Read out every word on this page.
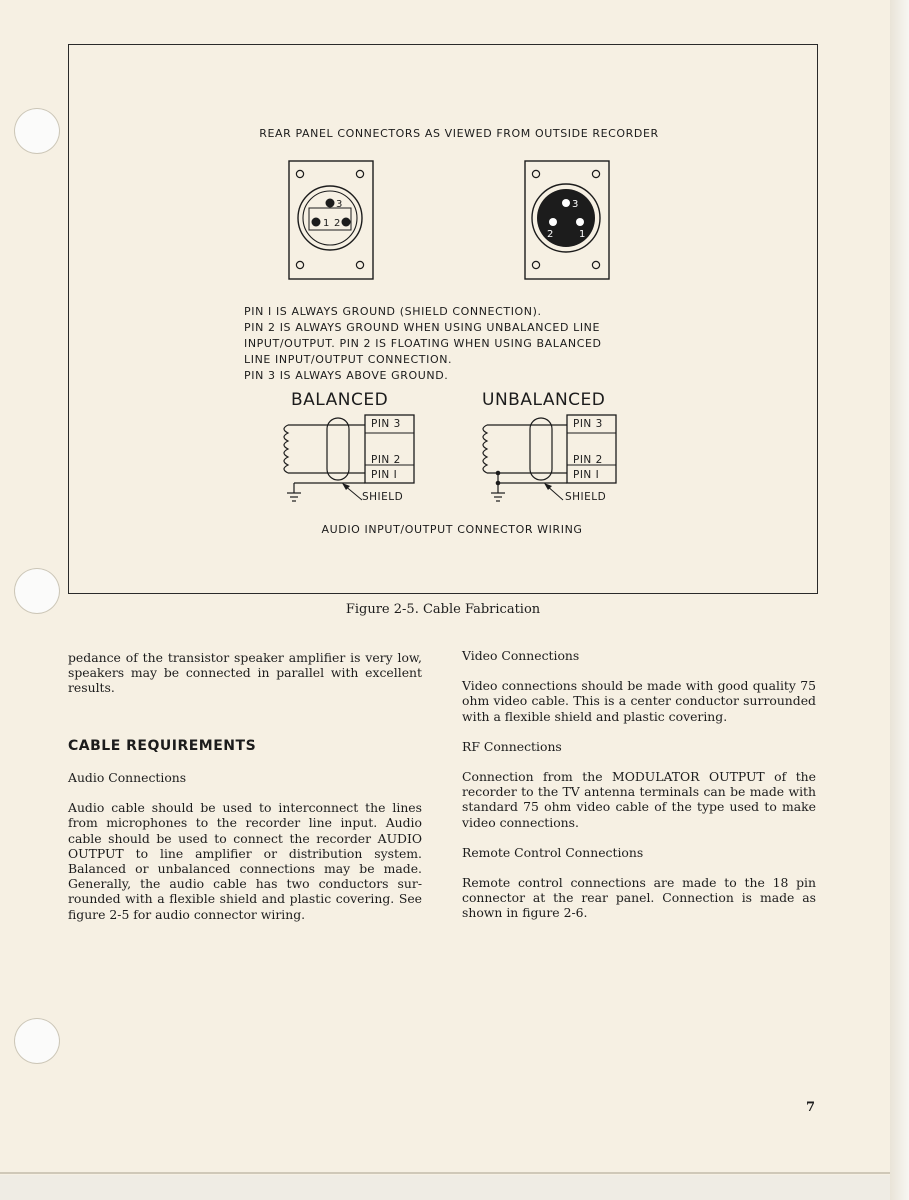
REAR PANEL CONNECTORS AS VIEWED FROM OUTSIDE RECORDER
3
1 2
3
2	1
PIN I IS ALWAYS GROUND (SHIELD CONNECTION).
PIN 2 IS ALWAYS GROUND WHEN USING UNBALANCED LINE
INPUT/OUTPUT. PIN 2 IS FLOATING WHEN USING BALANCED
LINE INPUT/OUTPUT CONNECTION.
PIN 3 IS ALWAYS ABOVE GROUND.
BALANCED
PIN 3
PIN 2
PIN I
SHIELD
UNBALANCED
PIN 3
PIN 2
PIN I
SHIELD
AUDIO INPUT/OUTPUT CONNECTOR WIRING
Figure 2-5. Cable Fabrication

pedance of the transistor speaker amplifier is very low, speakers may be connected in parallel with excellent results.

CABLE REQUIREMENTS
Audio Connections

Audio cable should be used to interconnect the lines from microphones to the recorder line input. Audio cable should be used to connect the recorder AUDIO OUTPUT to line amplifier or distribution system. Balanced or unbalanced connections may be made. Generally, the audio cable has two conductors surrounded with a flexible shield and plastic covering. See figure 2-5 for audio connector wiring.

Video Connections

Video connections should be made with good quality 75 ohm video cable. This is a center conductor surrounded with a flexible shield and plastic covering.

RF Connections

Connection from the MODULATOR OUTPUT of the recorder to the TV antenna terminals can be made with standard 75 ohm video cable of the type used to make video connections.

Remote Control Connections

Remote control connections are made to the 18 pin connector at the rear panel. Connection is made as shown in figure 2-6.

7
